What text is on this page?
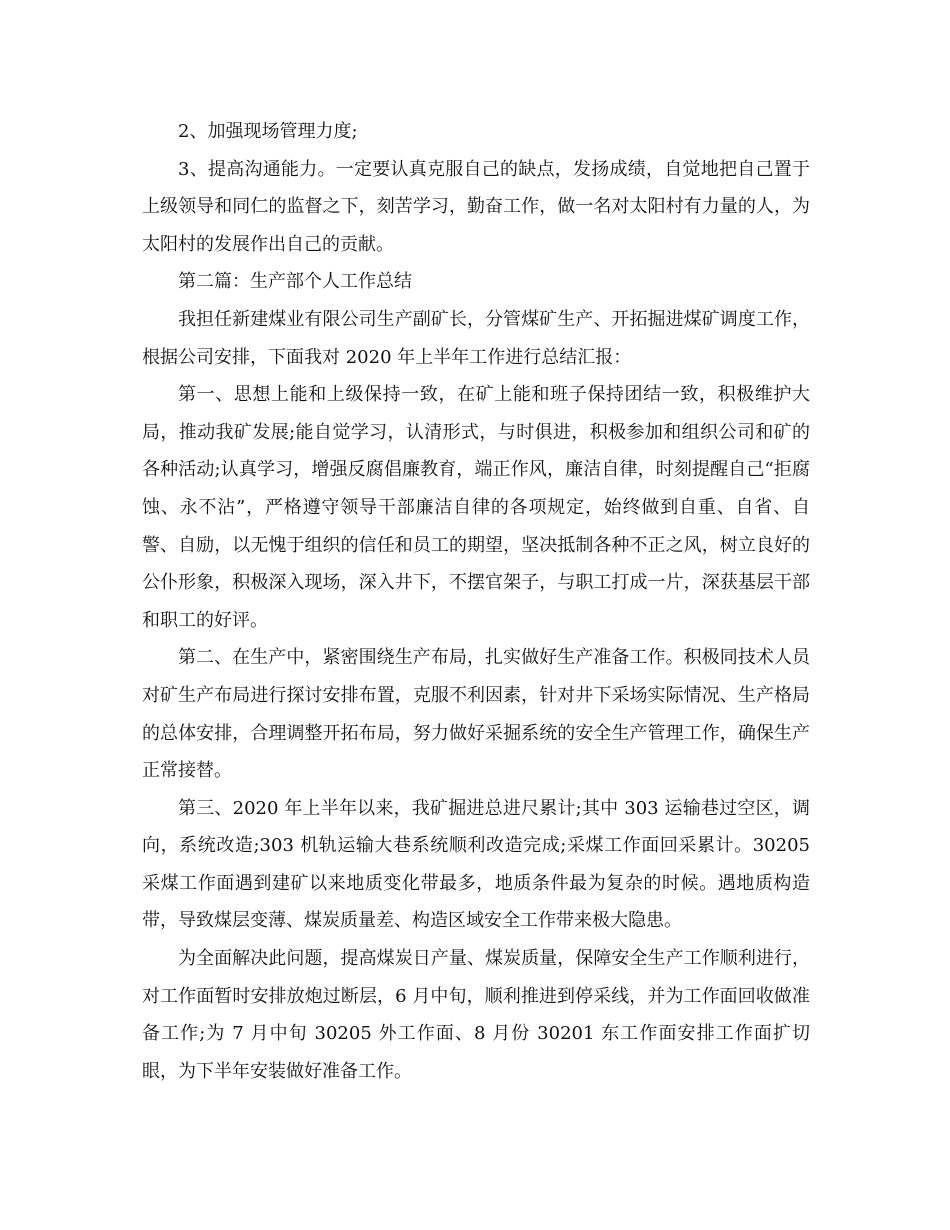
2、加强现场管理力度;

3、提高沟通能力。一定要认真克服自己的缺点，发扬成绩，自觉地把自己置于上级领导和同仁的监督之下，刻苦学习，勤奋工作，做一名对太阳村有力量的人，为太阳村的发展作出自己的贡献。

第二篇：生产部个人工作总结

我担任新建煤业有限公司生产副矿长，分管煤矿生产、开拓掘进煤矿调度工作，根据公司安排，下面我对 2020 年上半年工作进行总结汇报：

第一、思想上能和上级保持一致，在矿上能和班子保持团结一致，积极维护大局，推动我矿发展;能自觉学习，认清形式，与时俱进，积极参加和组织公司和矿的各种活动;认真学习，增强反腐倡廉教育，端正作风，廉洁自律，时刻提醒自己“拒腐蚀、永不沾”，严格遵守领导干部廉洁自律的各项规定，始终做到自重、自省、自警、自励，以无愧于组织的信任和员工的期望，坚决抵制各种不正之风，树立良好的公仆形象，积极深入现场，深入井下，不摆官架子，与职工打成一片，深获基层干部和职工的好评。

第二、在生产中，紧密围绕生产布局，扎实做好生产准备工作。积极同技术人员对矿生产布局进行探讨安排布置，克服不利因素，针对井下采场实际情况、生产格局的总体安排，合理调整开拓布局，努力做好采掘系统的安全生产管理工作，确保生产正常接替。

第三、2020 年上半年以来，我矿掘进总进尺累计;其中 303 运输巷过空区，调向，系统改造;303 机轨运输大巷系统顺利改造完成;采煤工作面回采累计。30205 采煤工作面遇到建矿以来地质变化带最多，地质条件最为复杂的时候。遇地质构造带，导致煤层变薄、煤炭质量差、构造区域安全工作带来极大隐患。

为全面解决此问题，提高煤炭日产量、煤炭质量，保障安全生产工作顺利进行，对工作面暂时安排放炮过断层，6 月中旬，顺利推进到停采线，并为工作面回收做准备工作;为 7 月中旬 30205 外工作面、8 月份 30201 东工作面安排工作面扩切眼，为下半年安装做好准备工作。
